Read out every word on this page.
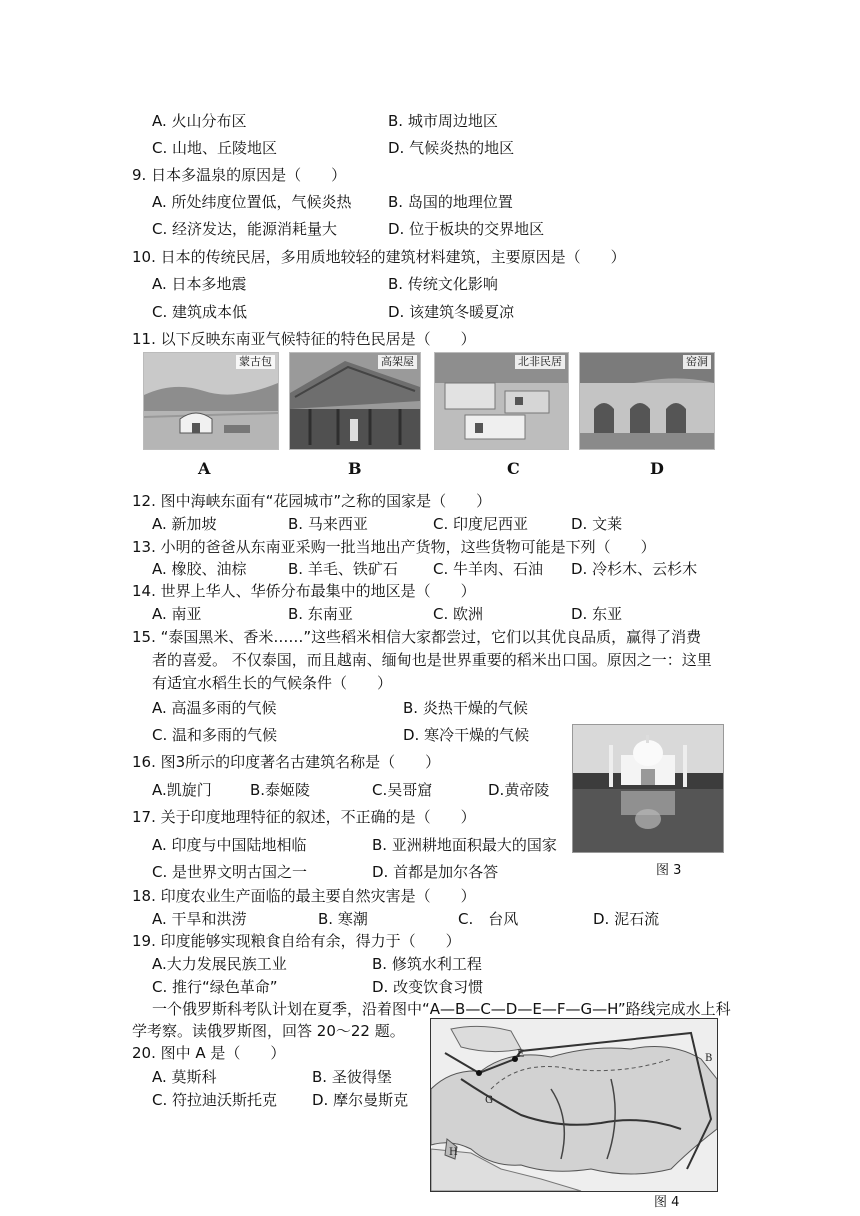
A. 火山分布区	B. 城市周边地区
C. 山地、丘陵地区	D. 气候炎热的地区
9. 日本多温泉的原因是（　　）
A. 所处纬度位置低，气候炎热 B. 岛国的地理位置
C. 经济发达，能源消耗量大	D. 位于板块的交界地区
10. 日本的传统民居，多用质地较轻的建筑材料建筑，主要原因是（　　）
A. 日本多地震	B. 传统文化影响
C. 建筑成本低	D. 该建筑冬暖夏凉
11. 以下反映东南亚气候特征的特色民居是（　　）
蒙古包	高架屋	北非民居	窑洞
A	B	C	D
12. 图中海峡东面有“花园城市”之称的国家是（　　）
A. 新加坡	B. 马来西亚	C. 印度尼西亚	D. 文莱
13. 小明的爸爸从东南亚采购一批当地出产货物，这些货物可能是下列（　　）
A. 橡胶、油棕	B. 羊毛、铁矿石 C. 牛羊肉、石油 D. 冷杉木、云杉木
14. 世界上华人、华侨分布最集中的地区是（　　）
A. 南亚	B. 东南亚	C. 欧洲	D. 东亚
15. “泰国黑米、香米……”这些稻米相信大家都尝过，它们以其优良品质，赢得了消费
者的喜爱。 不仅泰国，而且越南、缅甸也是世界重要的稻米出口国。原因之一：这里
有适宜水稻生长的气候条件（　　）
A. 高温多雨的气候	B. 炎热干燥的气候
C. 温和多雨的气候	D. 寒冷干燥的气候
图 3
16. 图3所示的印度著名古建筑名称是（　　）
A.凯旋门	B.泰姬陵	C.吴哥窟	D.黄帝陵
17. 关于印度地理特征的叙述，不正确的是（　　）
A. 印度与中国陆地相临	B. 亚洲耕地面积最大的国家
C. 是世界文明古国之一	D. 首都是加尔各答
18. 印度农业生产面临的最主要自然灾害是（　　）
A. 干旱和洪涝	B. 寒潮	C.　台风	D. 泥石流
19. 印度能够实现粮食自给有余，得力于（　　）
A.大力发展民族工业	B. 修筑水利工程
C. 推行“绿色革命”	D. 改变饮食习惯
一个俄罗斯科考队计划在夏季，沿着图中“A—B—C—D—E—F—G—H”路线完成水上科
学考察。读俄罗斯图，回答 20～22 题。
20. 图中 A 是（　　）
A. 莫斯科	B. 圣彼得堡
C. 符拉迪沃斯托克 D. 摩尔曼斯克
E	B
G
H
图 4
